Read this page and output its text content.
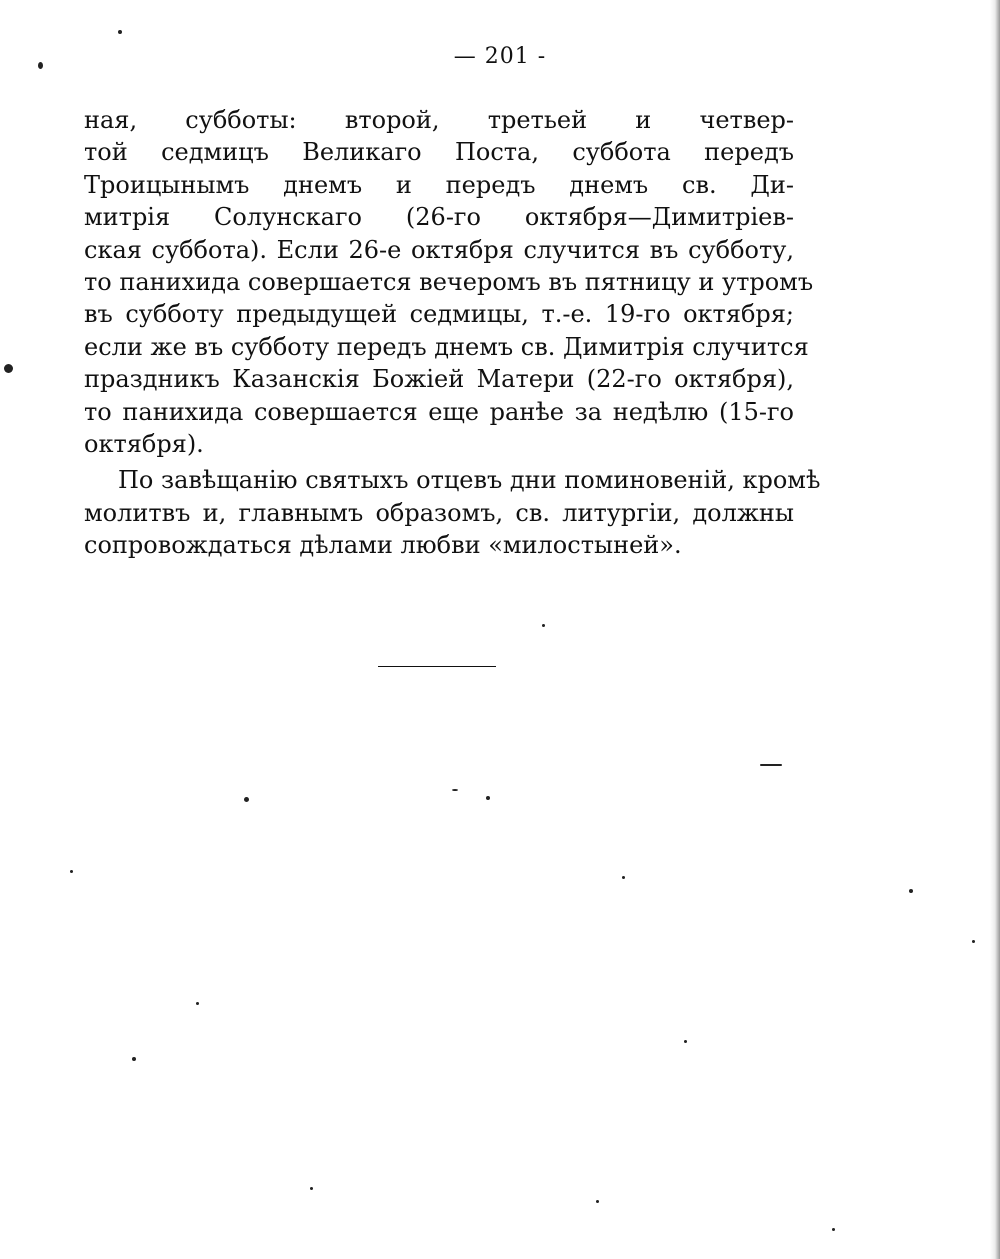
— 201 -
ная, субботы: второй, третьей и четвер-
той седмицъ Великаго Поста, суббота передъ
Троицынымъ днемъ и передъ днемъ св. Ди-
митрія Солунскаго (26-го октября—Димитріев-
ская суббота). Если 26-е октября случится въ субботу,
то панихида совершается вечеромъ въ пятницу и утромъ
въ субботу предыдущей седмицы, т.-е. 19-го октября;
если же въ субботу передъ днемъ св. Димитрія случится
праздникъ Казанскія Божіей Матери (22-го октября),
то панихида совершается еще ранѣе за недѣлю (15-го
октября).
По завѣщанію святыхъ отцевъ дни поминовеній, кромѣ
молитвъ и, главнымъ образомъ, св. литургіи, должны
сопровождаться дѣлами любви «милостыней».
